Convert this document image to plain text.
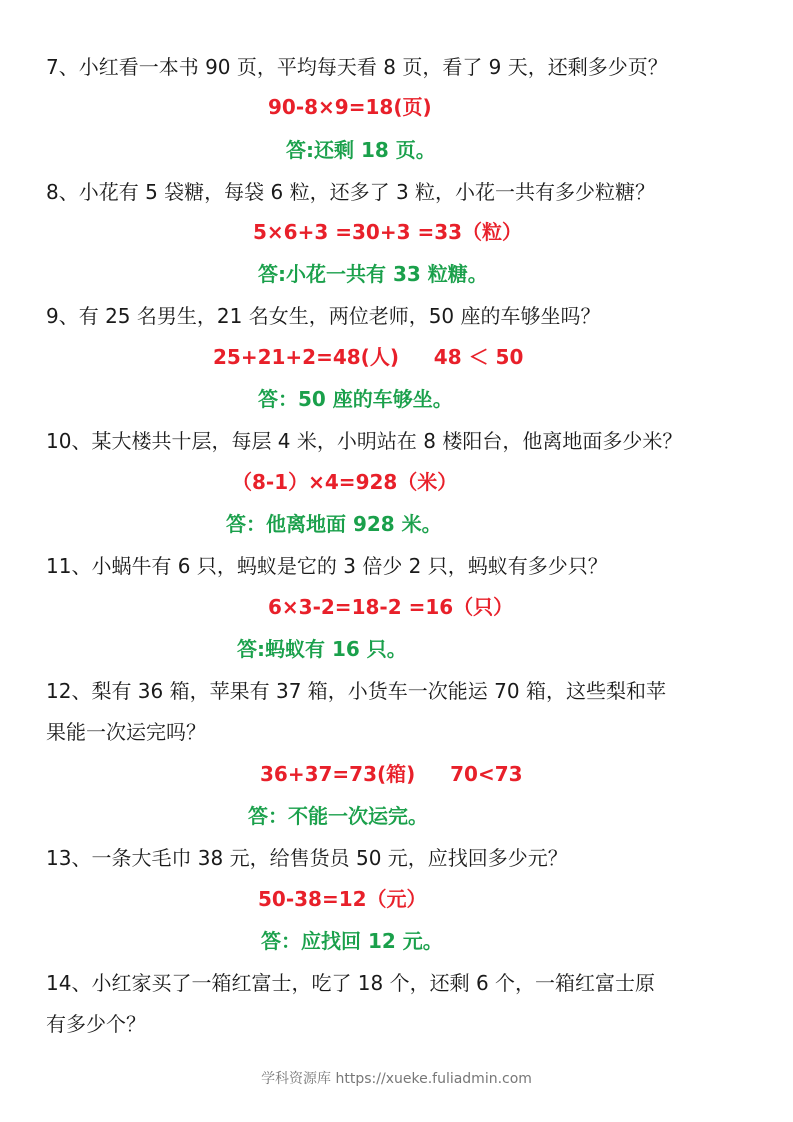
7、小红看一本书 90 页，平均每天看 8 页，看了 9 天，还剩多少页？
90-8×9=18(页)
答:还剩 18 页。
8、小花有 5 袋糖，每袋 6 粒，还多了 3 粒，小花一共有多少粒糖？
5×6+3 =30+3 =33（粒）
答:小花一共有 33 粒糖。
9、有 25 名男生，21 名女生，两位老师，50 座的车够坐吗？
25+21+2=48(人)     48 ＜ 50
答：50 座的车够坐。
10、某大楼共十层，每层 4 米，小明站在 8 楼阳台，他离地面多少米？
（8-1）×4=928（米）
答：他离地面 928 米。
11、小蜗牛有 6 只，蚂蚁是它的 3 倍少 2 只，蚂蚁有多少只？
6×3-2=18-2 =16（只）
答:蚂蚁有 16 只。
12、梨有 36 箱，苹果有 37 箱，小货车一次能运 70 箱，这些梨和苹
果能一次运完吗？
36+37=73(箱)     70<73
答：不能一次运完。
13、一条大毛巾 38 元，给售货员 50 元，应找回多少元？
50-38=12（元）
答：应找回 12 元。
14、小红家买了一箱红富士，吃了 18 个，还剩 6 个，一箱红富士原
有多少个？
学科资源库 https://xueke.fuliadmin.com
